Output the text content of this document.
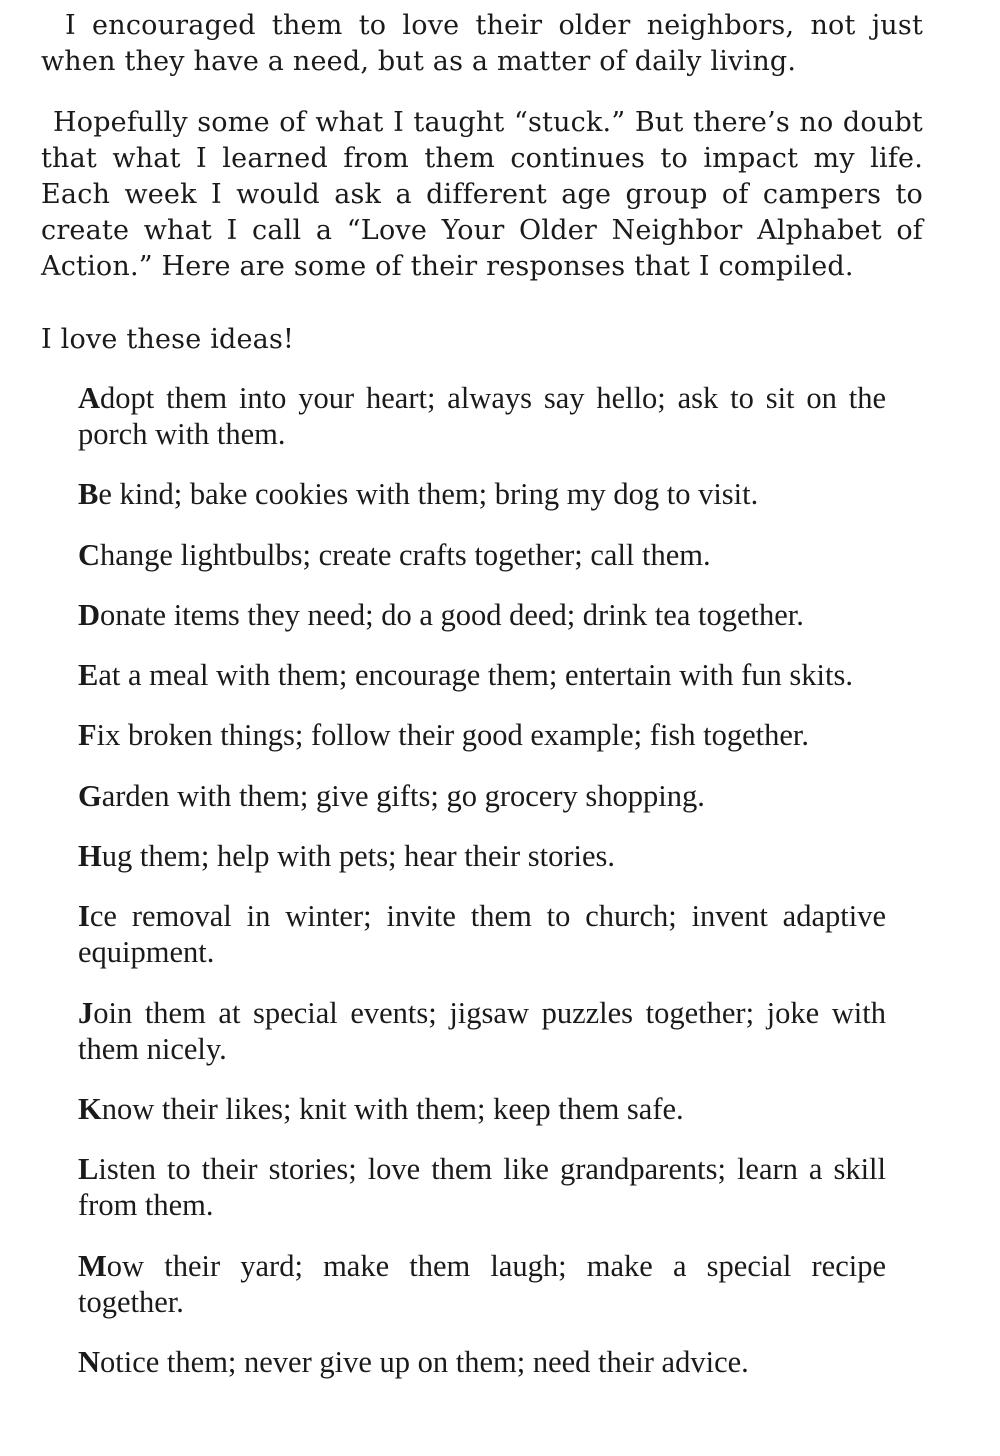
I encouraged them to love their older neighbors, not just when they have a need, but as a matter of daily living.

Hopefully some of what I taught “stuck.” But there’s no doubt that what I learned from them continues to impact my life. Each week I would ask a different age group of campers to create what I call a “Love Your Older Neighbor Alphabet of Action.” Here are some of their responses that I compiled.

I love these ideas!

Adopt them into your heart; always say hello; ask to sit on the porch with them.
Be kind; bake cookies with them; bring my dog to visit.
Change lightbulbs; create crafts together; call them.
Donate items they need; do a good deed; drink tea together.
Eat a meal with them; encourage them; entertain with fun skits.
Fix broken things; follow their good example; fish together.
Garden with them; give gifts; go grocery shopping.
Hug them; help with pets; hear their stories.
Ice removal in winter; invite them to church; invent adaptive equipment.
Join them at special events; jigsaw puzzles together; joke with them nicely.
Know their likes; knit with them; keep them safe.
Listen to their stories; love them like grandparents; learn a skill from them.
Mow their yard; make them laugh; make a special recipe together.
Notice them; never give up on them; need their advice.
